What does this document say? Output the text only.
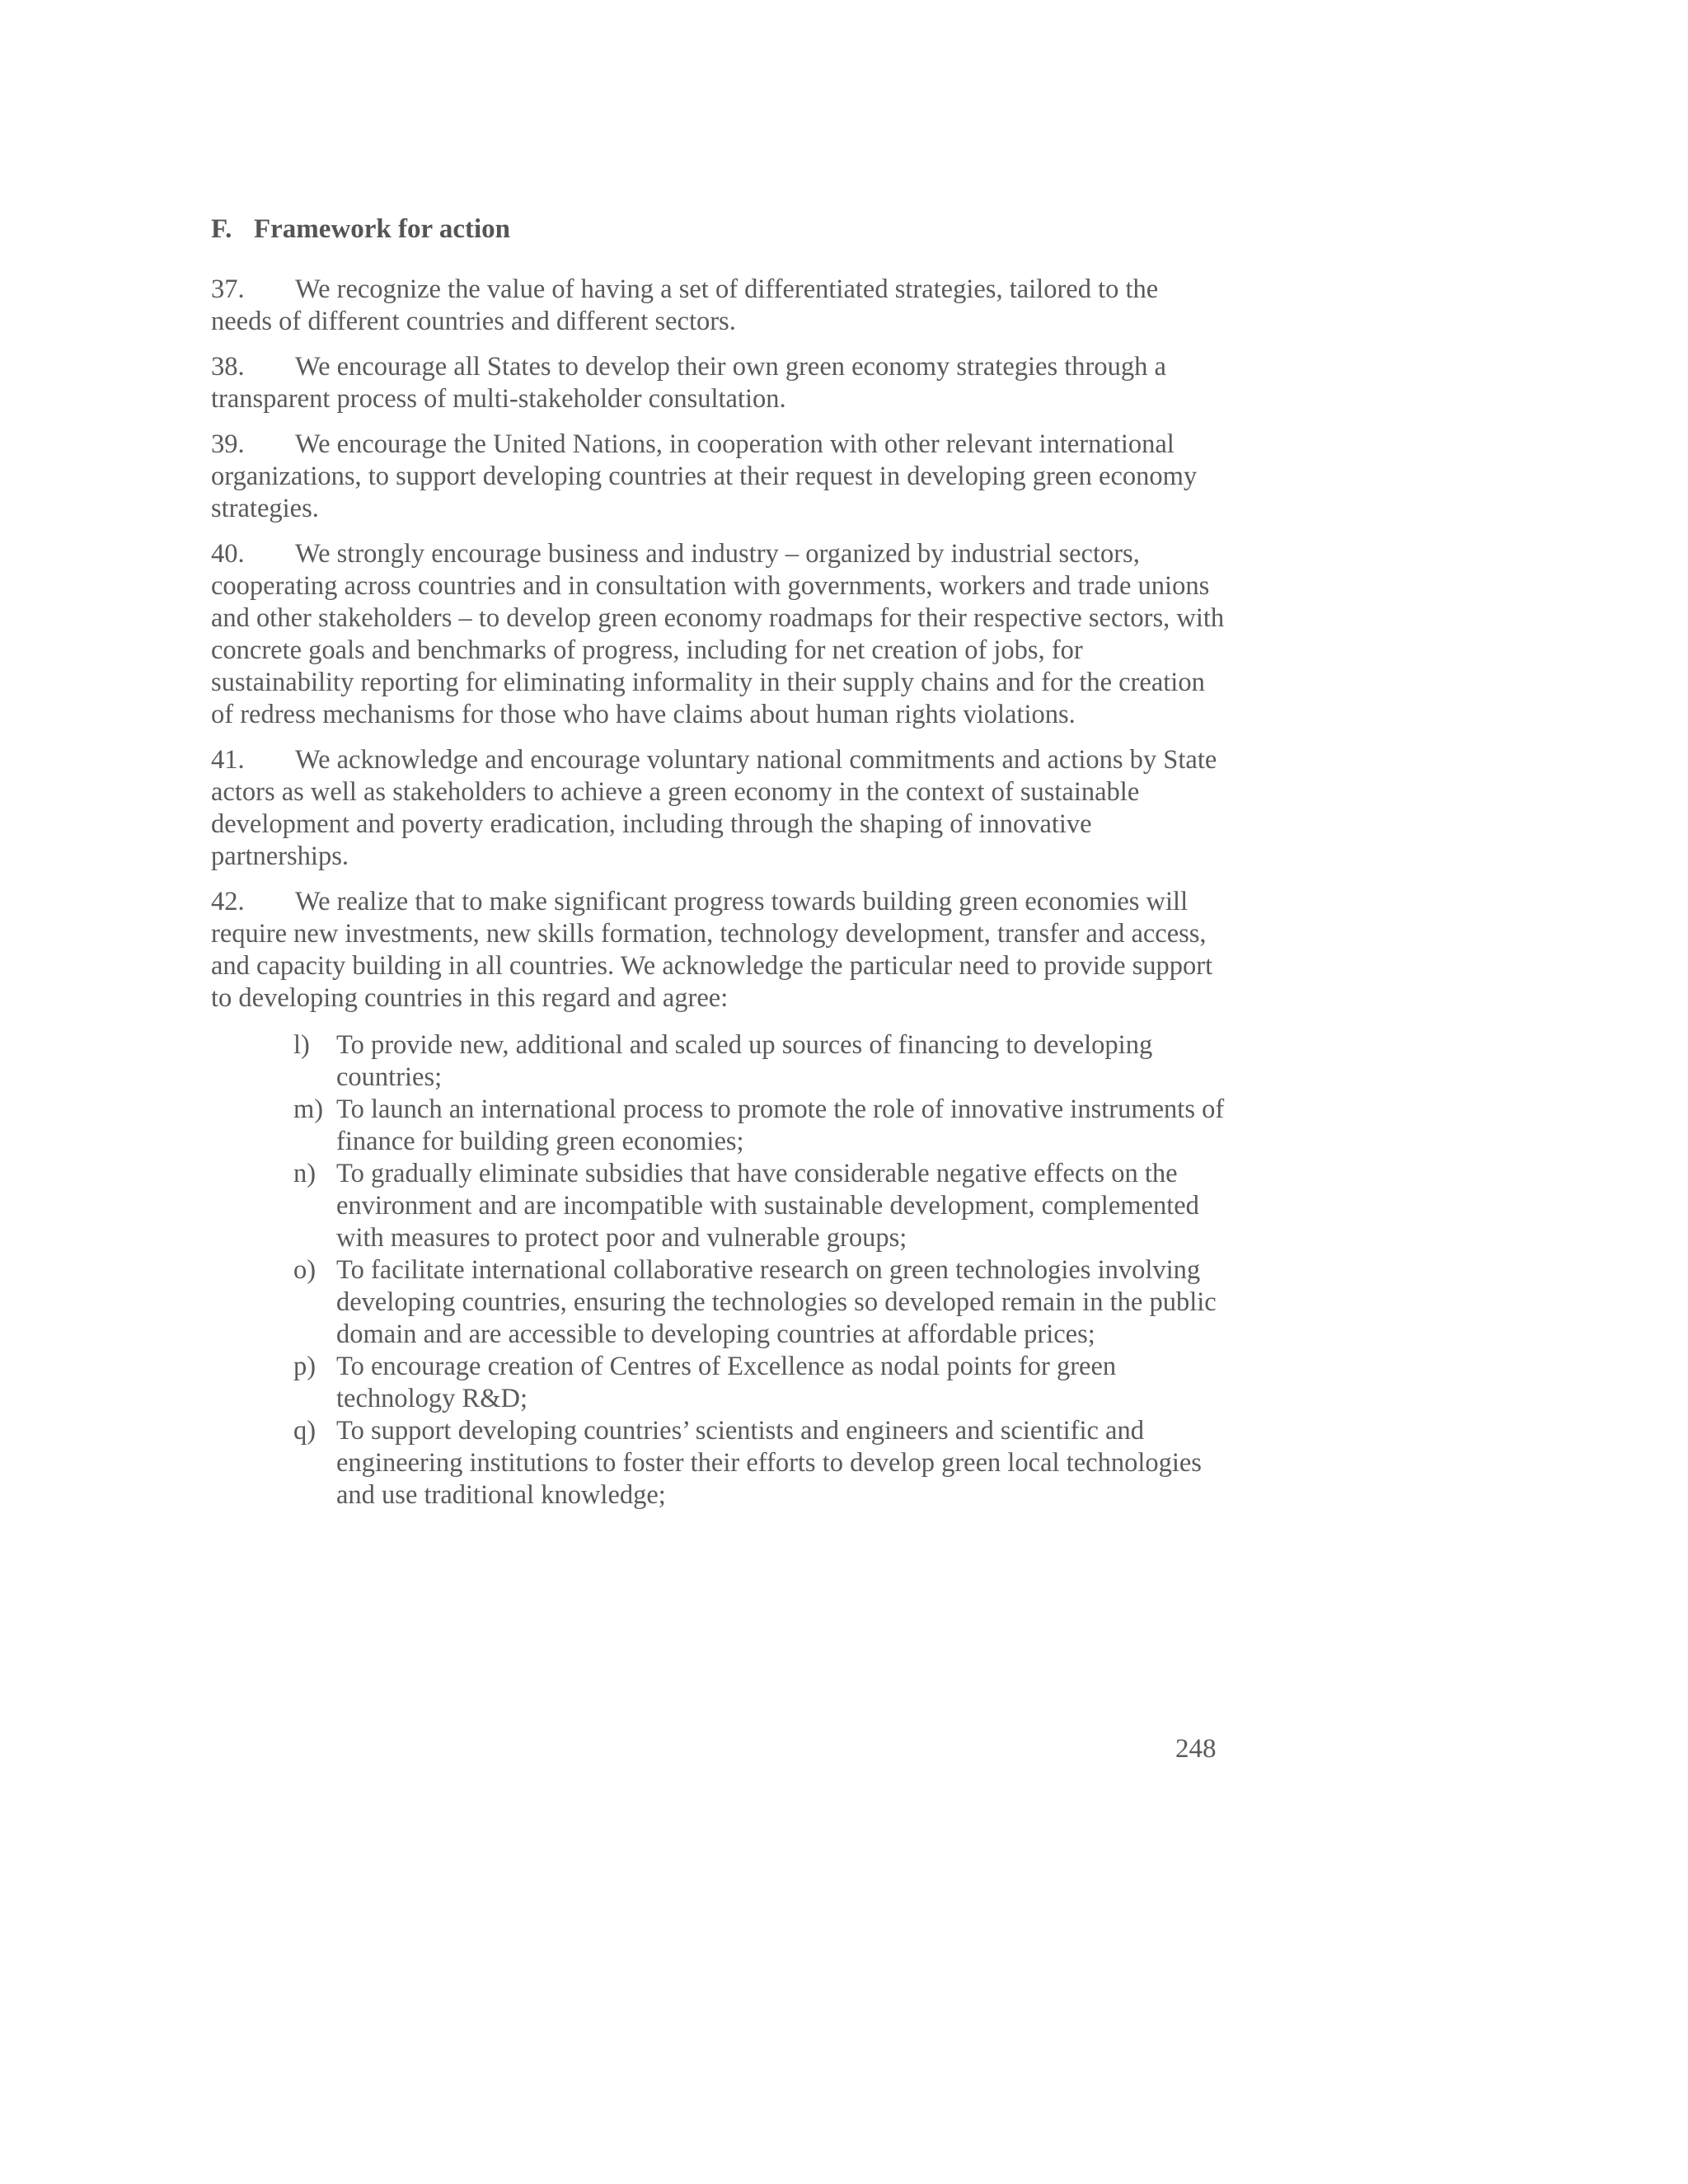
F. Framework for action

37. We recognize the value of having a set of differentiated strategies, tailored to the needs of different countries and different sectors.

38. We encourage all States to develop their own green economy strategies through a transparent process of multi-stakeholder consultation.

39. We encourage the United Nations, in cooperation with other relevant international organizations, to support developing countries at their request in developing green economy strategies.

40. We strongly encourage business and industry – organized by industrial sectors, cooperating across countries and in consultation with governments, workers and trade unions and other stakeholders – to develop green economy roadmaps for their respective sectors, with concrete goals and benchmarks of progress, including for net creation of jobs, for sustainability reporting for eliminating informality in their supply chains and for the creation of redress mechanisms for those who have claims about human rights violations.

41. We acknowledge and encourage voluntary national commitments and actions by State actors as well as stakeholders to achieve a green economy in the context of sustainable development and poverty eradication, including through the shaping of innovative partnerships.

42. We realize that to make significant progress towards building green economies will require new investments, new skills formation, technology development, transfer and access, and capacity building in all countries. We acknowledge the particular need to provide support to developing countries in this regard and agree:

l) To provide new, additional and scaled up sources of financing to developing countries;
m) To launch an international process to promote the role of innovative instruments of finance for building green economies;
n) To gradually eliminate subsidies that have considerable negative effects on the environment and are incompatible with sustainable development, complemented with measures to protect poor and vulnerable groups;
o) To facilitate international collaborative research on green technologies involving developing countries, ensuring the technologies so developed remain in the public domain and are accessible to developing countries at affordable prices;
p) To encourage creation of Centres of Excellence as nodal points for green technology R&D;
q) To support developing countries’ scientists and engineers and scientific and engineering institutions to foster their efforts to develop green local technologies and use traditional knowledge;
248
